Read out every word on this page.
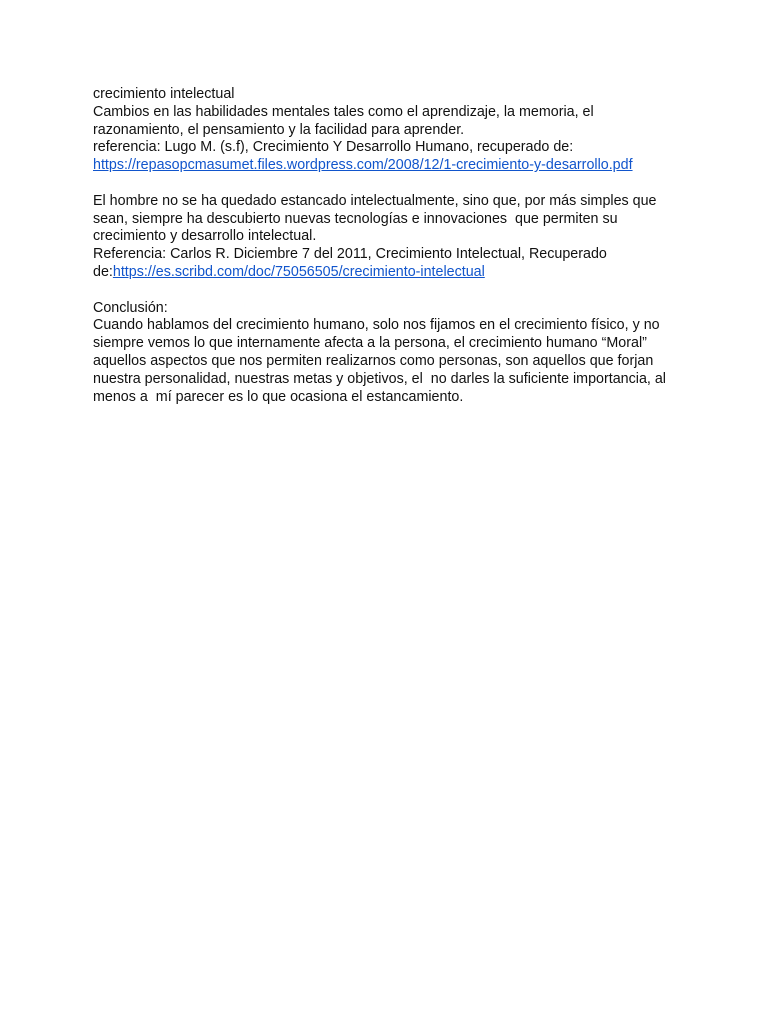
crecimiento intelectual
Cambios en las habilidades mentales tales como el aprendizaje, la memoria, el
razonamiento, el pensamiento y la facilidad para aprender.
referencia: Lugo M. (s.f), Crecimiento Y Desarrollo Humano, recuperado de:
https://repasopcmasumet.files.wordpress.com/2008/12/1-crecimiento-y-desarrollo.pdf
El hombre no se ha quedado estancado intelectualmente, sino que, por más simples que
sean, siempre ha descubierto nuevas tecnologías e innovaciones  que permiten su
crecimiento y desarrollo intelectual.
Referencia: Carlos R. Diciembre 7 del 2011, Crecimiento Intelectual, Recuperado
de:https://es.scribd.com/doc/75056505/crecimiento-intelectual
Conclusión:
Cuando hablamos del crecimiento humano, solo nos fijamos en el crecimiento físico, y no
siempre vemos lo que internamente afecta a la persona, el crecimiento humano “Moral”
aquellos aspectos que nos permiten realizarnos como personas, son aquellos que forjan
nuestra personalidad, nuestras metas y objetivos, el  no darles la suficiente importancia, al
menos a  mí parecer es lo que ocasiona el estancamiento.
